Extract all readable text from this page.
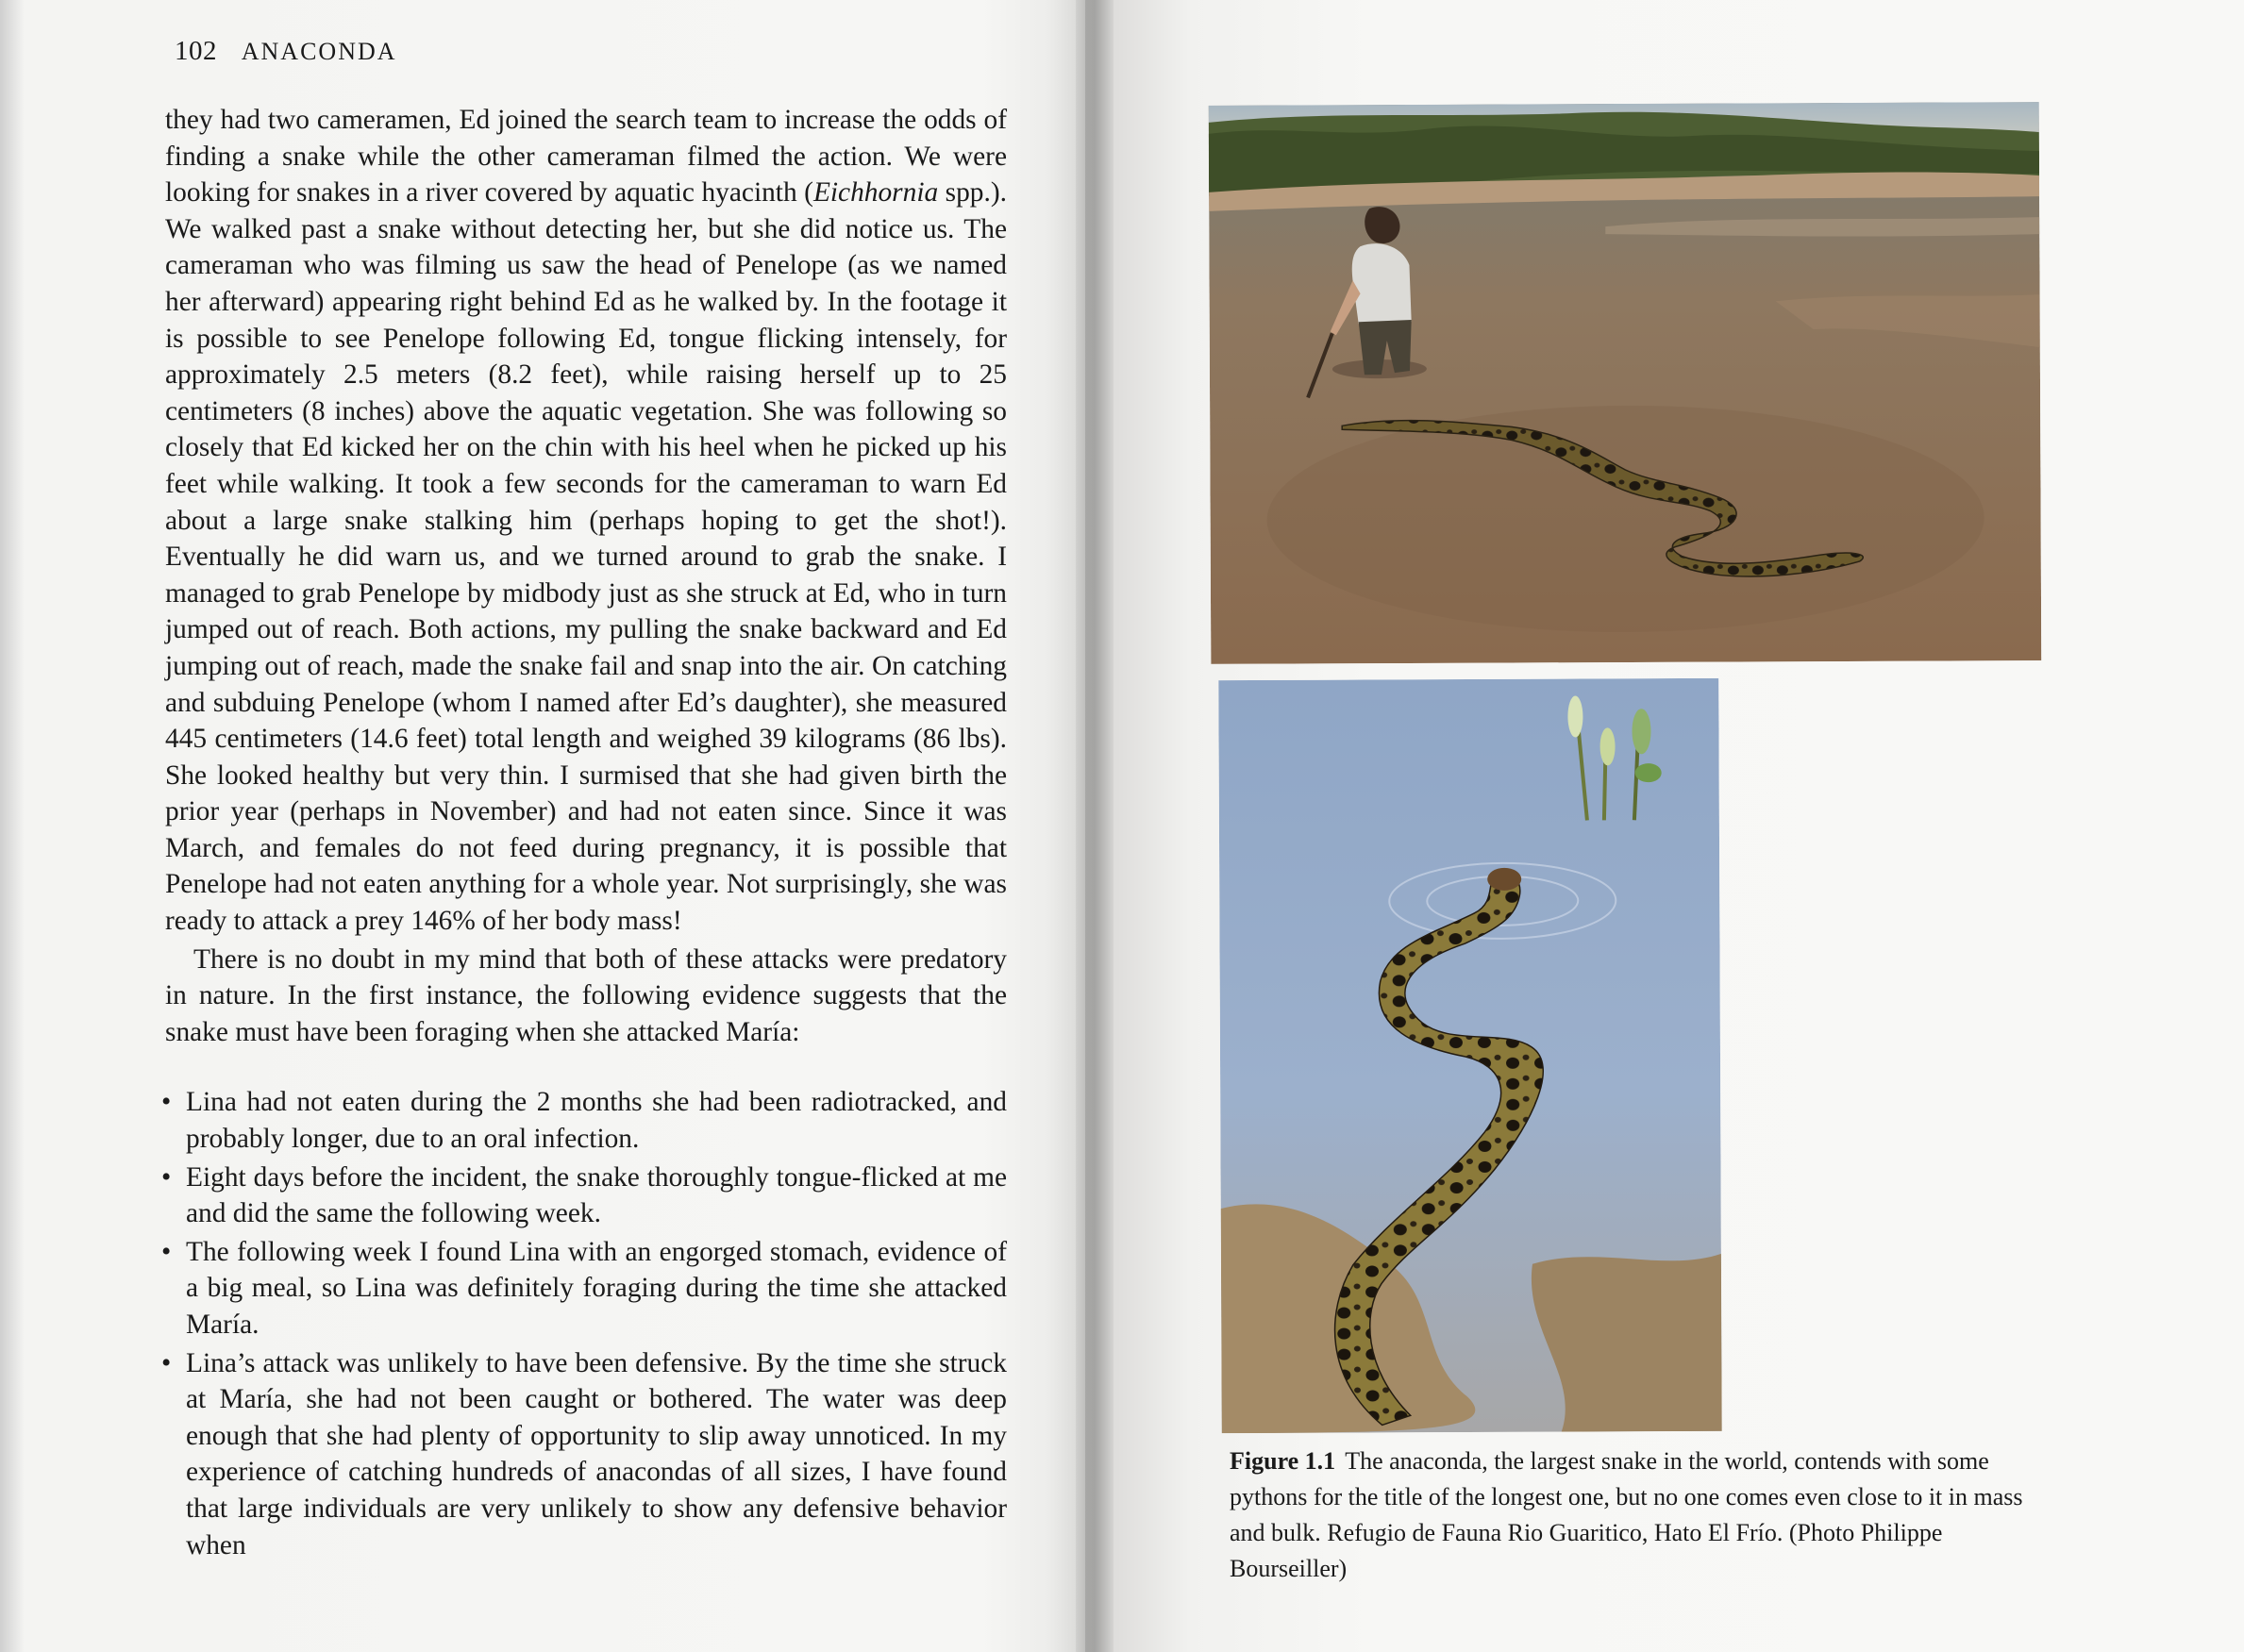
102 ANACONDA

they had two cameramen, Ed joined the search team to increase the odds of finding a snake while the other cameraman filmed the action. We were looking for snakes in a river covered by aquatic hyacinth (Eichhornia spp.). We walked past a snake without detecting her, but she did notice us. The cameraman who was filming us saw the head of Penelope (as we named her afterward) appearing right behind Ed as he walked by. In the footage it is possible to see Penelope following Ed, tongue flicking intensely, for approximately 2.5 meters (8.2 feet), while raising herself up to 25 centimeters (8 inches) above the aquatic vegetation. She was following so closely that Ed kicked her on the chin with his heel when he picked up his feet while walking. It took a few seconds for the cameraman to warn Ed about a large snake stalking him (perhaps hoping to get the shot!). Eventually he did warn us, and we turned around to grab the snake. I managed to grab Penelope by midbody just as she struck at Ed, who in turn jumped out of reach. Both actions, my pulling the snake backward and Ed jumping out of reach, made the snake fail and snap into the air. On catching and subduing Penelope (whom I named after Ed’s daughter), she measured 445 centimeters (14.6 feet) total length and weighed 39 kilograms (86 lbs). She looked healthy but very thin. I surmised that she had given birth the prior year (perhaps in November) and had not eaten since. Since it was March, and females do not feed during pregnancy, it is possible that Penelope had not eaten anything for a whole year. Not surprisingly, she was ready to attack a prey 146% of her body mass!

There is no doubt in my mind that both of these attacks were predatory in nature. In the first instance, the following evidence suggests that the snake must have been foraging when she attacked María:

• Lina had not eaten during the 2 months she had been radiotracked, and probably longer, due to an oral infection.
• Eight days before the incident, the snake thoroughly tongue-flicked at me and did the same the following week.
• The following week I found Lina with an engorged stomach, evidence of a big meal, so Lina was definitely foraging during the time she attacked María.
• Lina’s attack was unlikely to have been defensive. By the time she struck at María, she had not been caught or bothered. The water was deep enough that she had plenty of opportunity to slip away unnoticed. In my experience of catching hundreds of anacondas of all sizes, I have found that large individuals are very unlikely to show any defensive behavior when
Figure 1.1 The anaconda, the largest snake in the world, contends with some pythons for the title of the longest one, but no one comes even close to it in mass and bulk. Refugio de Fauna Rio Guaritico, Hato El Frío. (Photo Philippe Bourseiller)
